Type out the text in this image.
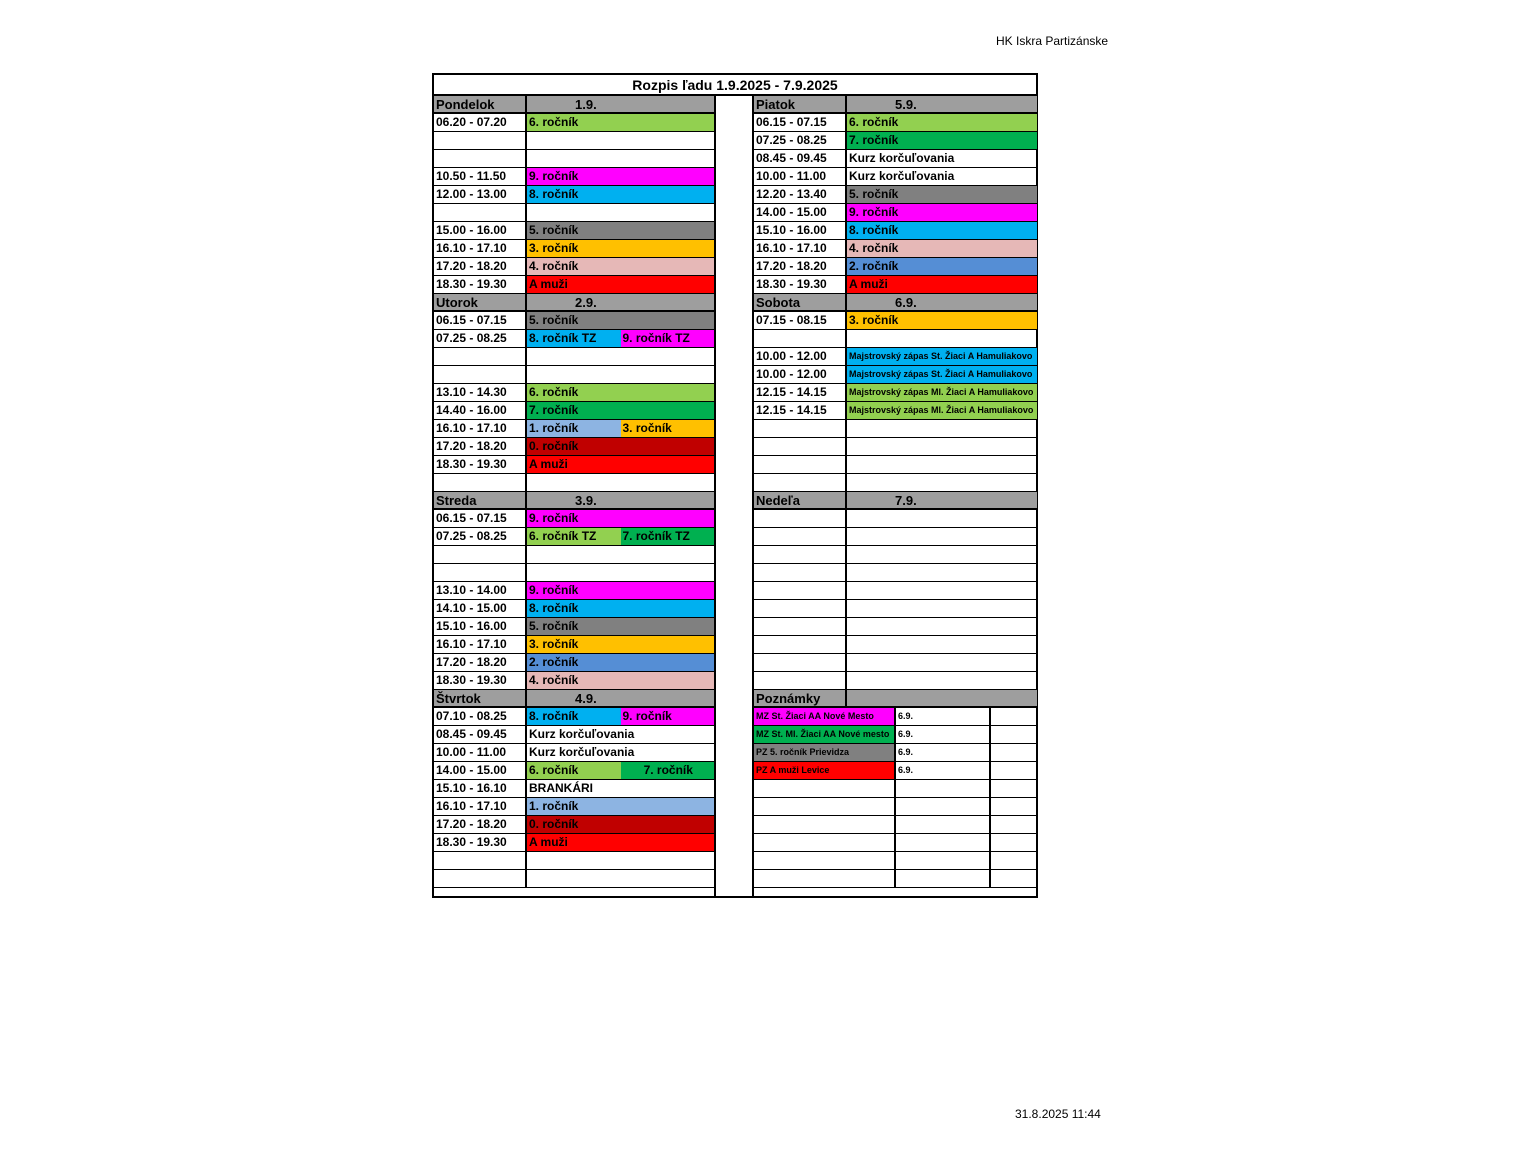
HK Iskra Partizánske
Rozpis ľadu 1.9.2025 - 7.9.2025
Pondelok	1.9.
06.20 - 07.20	6. ročník
10.50 - 11.50	9. ročník
12.00 - 13.00	8. ročník
15.00 - 16.00	5. ročník
16.10 - 17.10	3. ročník
17.20 - 18.20	4. ročník
18.30 - 19.30	A muži
Utorok	2.9.
06.15 - 07.15	5. ročník
07.25 - 08.25	8. ročník TZ	9. ročník TZ
13.10 - 14.30	6. ročník
14.40 - 16.00	7. ročník
16.10 - 17.10	1. ročník	3. ročník
17.20 - 18.20	0. ročník
18.30 - 19.30	A muži
Streda	3.9.
06.15 - 07.15	9. ročník
07.25 - 08.25	6. ročník TZ	7. ročník TZ
13.10 - 14.00	9. ročník
14.10 - 15.00	8. ročník
15.10 - 16.00	5. ročník
16.10 - 17.10	3. ročník
17.20 - 18.20	2. ročník
18.30 - 19.30	4. ročník
Štvrtok	4.9.
07.10 - 08.25	8. ročník	9. ročník
08.45 - 09.45	Kurz korčuľovania
10.00 - 11.00	Kurz korčuľovania
14.00 - 15.00	6. ročník	7. ročník
15.10 - 16.10	BRANKÁRI
16.10 - 17.10	1. ročník
17.20 - 18.20	0. ročník
18.30 - 19.30	A muži
Piatok	5.9.
06.15 - 07.15	6. ročník
07.25 - 08.25	7. ročník
08.45 - 09.45	Kurz korčuľovania
10.00 - 11.00	Kurz korčuľovania
12.20 - 13.40	5. ročník
14.00 - 15.00	9. ročník
15.10 - 16.00	8. ročník
16.10 - 17.10	4. ročník
17.20 - 18.20	2. ročník
18.30 - 19.30	A muži
Sobota	6.9.
07.15 - 08.15	3. ročník
10.00 - 12.00	Majstrovský zápas St. Žiaci A Hamuliakovo
10.00 - 12.00	Majstrovský zápas St. Žiaci A Hamuliakovo
12.15 - 14.15	Majstrovský zápas Ml. Žiaci A Hamuliakovo
12.15 - 14.15	Majstrovský zápas Ml. Žiaci A Hamuliakovo
Nedeľa	7.9.
Poznámky
MZ St. Žiaci AA Nové Mesto	6.9.
MZ St. Ml. Žiaci AA Nové mesto 6.9.
PZ 5. ročník Prievidza	6.9.
PZ A muži Levice	6.9.
31.8.2025 11:44
